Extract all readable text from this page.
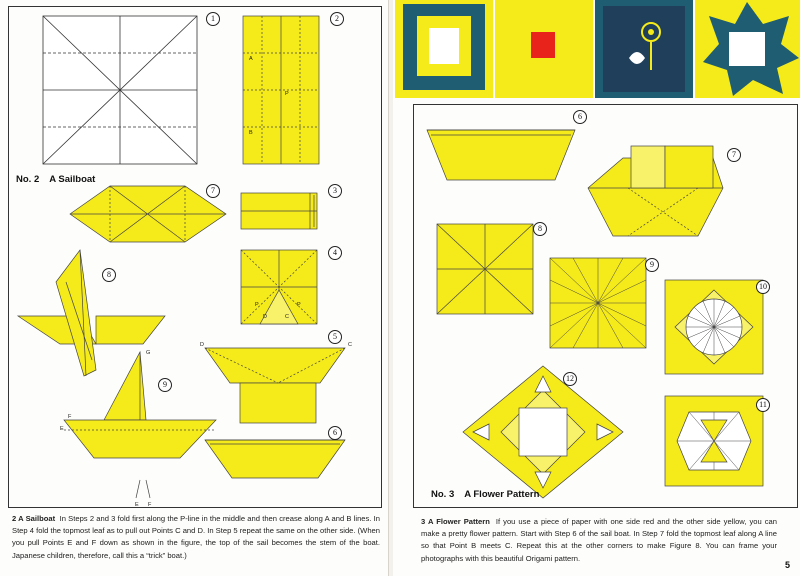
A
B
P
C
D
P	P
D	C
G
F
E
E F
1	2
7	3
4
8
5
9
6
No. 2 A Sailboat
2 A Sailboat In Steps 2 and 3 fold first along the P-line in the middle and then crease along A and B lines. In Step 4 fold the topmost leaf as to pull out Points C and D. In Step 5 repeat the same on the other side. (When you pull Points E and F down as shown in the figure, the top of the sail becomes the stem of the boat. Japanese children, therefore, call this a “trick” boat.)
6
7
8
9
10
12
11
No. 3 A Flower Pattern
3 A Flower Pattern If you use a piece of paper with one side red and the other side yellow, you can make a pretty flower pattern. Start with Step 6 of the sail boat. In Step 7 fold the topmost leaf along A line so that Point B meets C. Repeat this at the other corners to make Figure 8. You can frame your photographs with this beautiful Origami pattern.
5
